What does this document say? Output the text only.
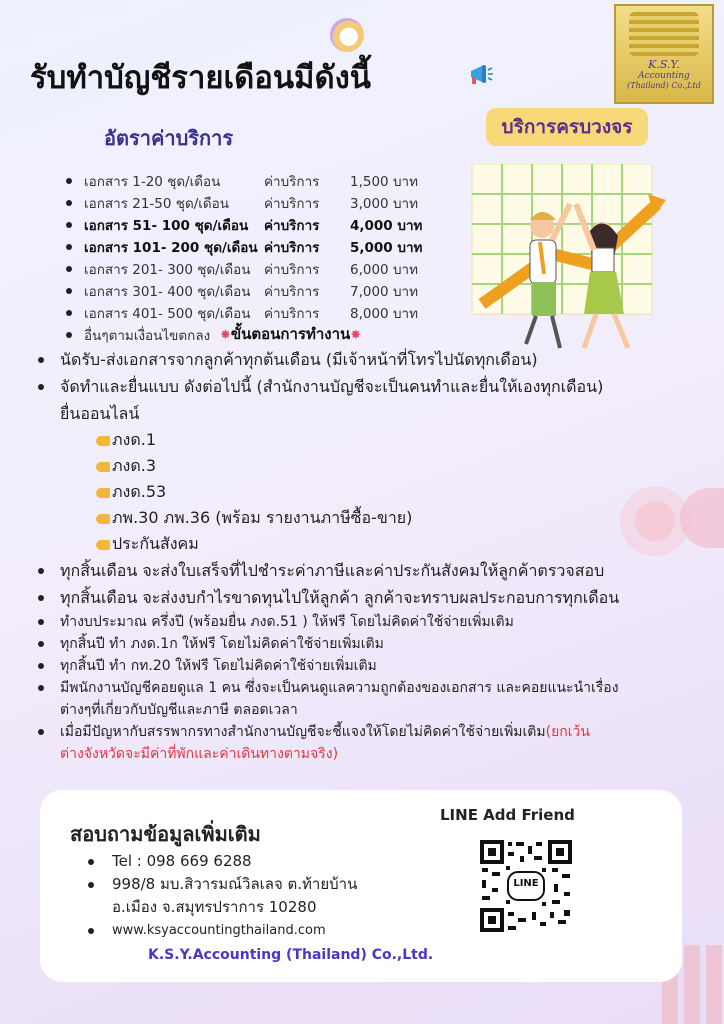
K.S.Y.
Accounting
(Thailand) Co.,Ltd
รับทำบัญชีรายเดือนมีดังนี้
บริการครบวงจร
อัตราค่าบริการ
เอกสาร 1-20 ชุด/เดือน	ค่าบริการ	1,500 บาท
เอกสาร 21-50 ชุด/เดือน	ค่าบริการ	3,000 บาท
เอกสาร 51- 100 ชุด/เดือน	ค่าบริการ	4,000 บาท
เอกสาร 101- 200 ชุด/เดือน ค่าบริการ	5,000 บาท
เอกสาร 201- 300 ชุด/เดือน	ค่าบริการ	6,000 บาท
เอกสาร 301- 400 ชุด/เดือน	ค่าบริการ	7,000 บาท
เอกสาร 401- 500 ชุด/เดือน	ค่าบริการ	8,000 บาท
อื่นๆตามเงื่อนไขตกลง ✸ขั้นตอนการทำงาน✸
นัดรับ-ส่งเอกสารจากลูกค้าทุกต้นเดือน (มีเจ้าหน้าที่โทรไปนัดทุกเดือน)
จัดทำและยื่นแบบ ดังต่อไปนี้ (สำนักงานบัญชีจะเป็นคนทำและยื่นให้เองทุกเดือน)
ยื่นออนไลน์
ภงด.1
ภงด.3
ภงด.53
ภพ.30 ภพ.36 (พร้อม รายงานภาษีซื้อ-ขาย)
ประกันสังคม
ทุกสิ้นเดือน จะส่งใบเสร็จที่ไปชำระค่าภาษีและค่าประกันสังคมให้ลูกค้าตรวจสอบ
ทุกสิ้นเดือน จะส่งงบกำไรขาดทุนไปให้ลูกค้า ลูกค้าจะทราบผลประกอบการทุกเดือน
ทำงบประมาณ ครึ่งปี (พร้อมยื่น ภงด.51 ) ให้ฟรี โดยไม่คิดค่าใช้จ่ายเพิ่มเติม
ทุกสิ้นปี ทำ ภงด.1ก ให้ฟรี โดยไม่คิดค่าใช้จ่ายเพิ่มเติม
ทุกสิ้นปี ทำ กท.20 ให้ฟรี โดยไม่คิดค่าใช้จ่ายเพิ่มเติม
มีพนักงานบัญชีคอยดูแล 1 คน ซึ่งจะเป็นคนดูแลความถูกต้องของเอกสาร และคอยแนะนำเรื่อง
ต่างๆที่เกี่ยวกับบัญชีและภาษี ตลอดเวลา
เมื่อมีปัญหากับสรรพากรทางสำนักงานบัญชีจะชี้แจงให้โดยไม่คิดค่าใช้จ่ายเพิ่มเติม(ยกเว้น
ต่างจังหวัดจะมีค่าที่พักและค่าเดินทางตามจริง)
สอบถามข้อมูลเพิ่มเติม
Tel : 098 669 6288
998/8 มบ.สิวารมณ์วิลเลจ ต.ท้ายบ้าน
อ.เมือง จ.สมุทรปราการ 10280
www.ksyaccountingthailand.com
LINE Add Friend
LINE
K.S.Y.Accounting (Thailand) Co.,Ltd.
